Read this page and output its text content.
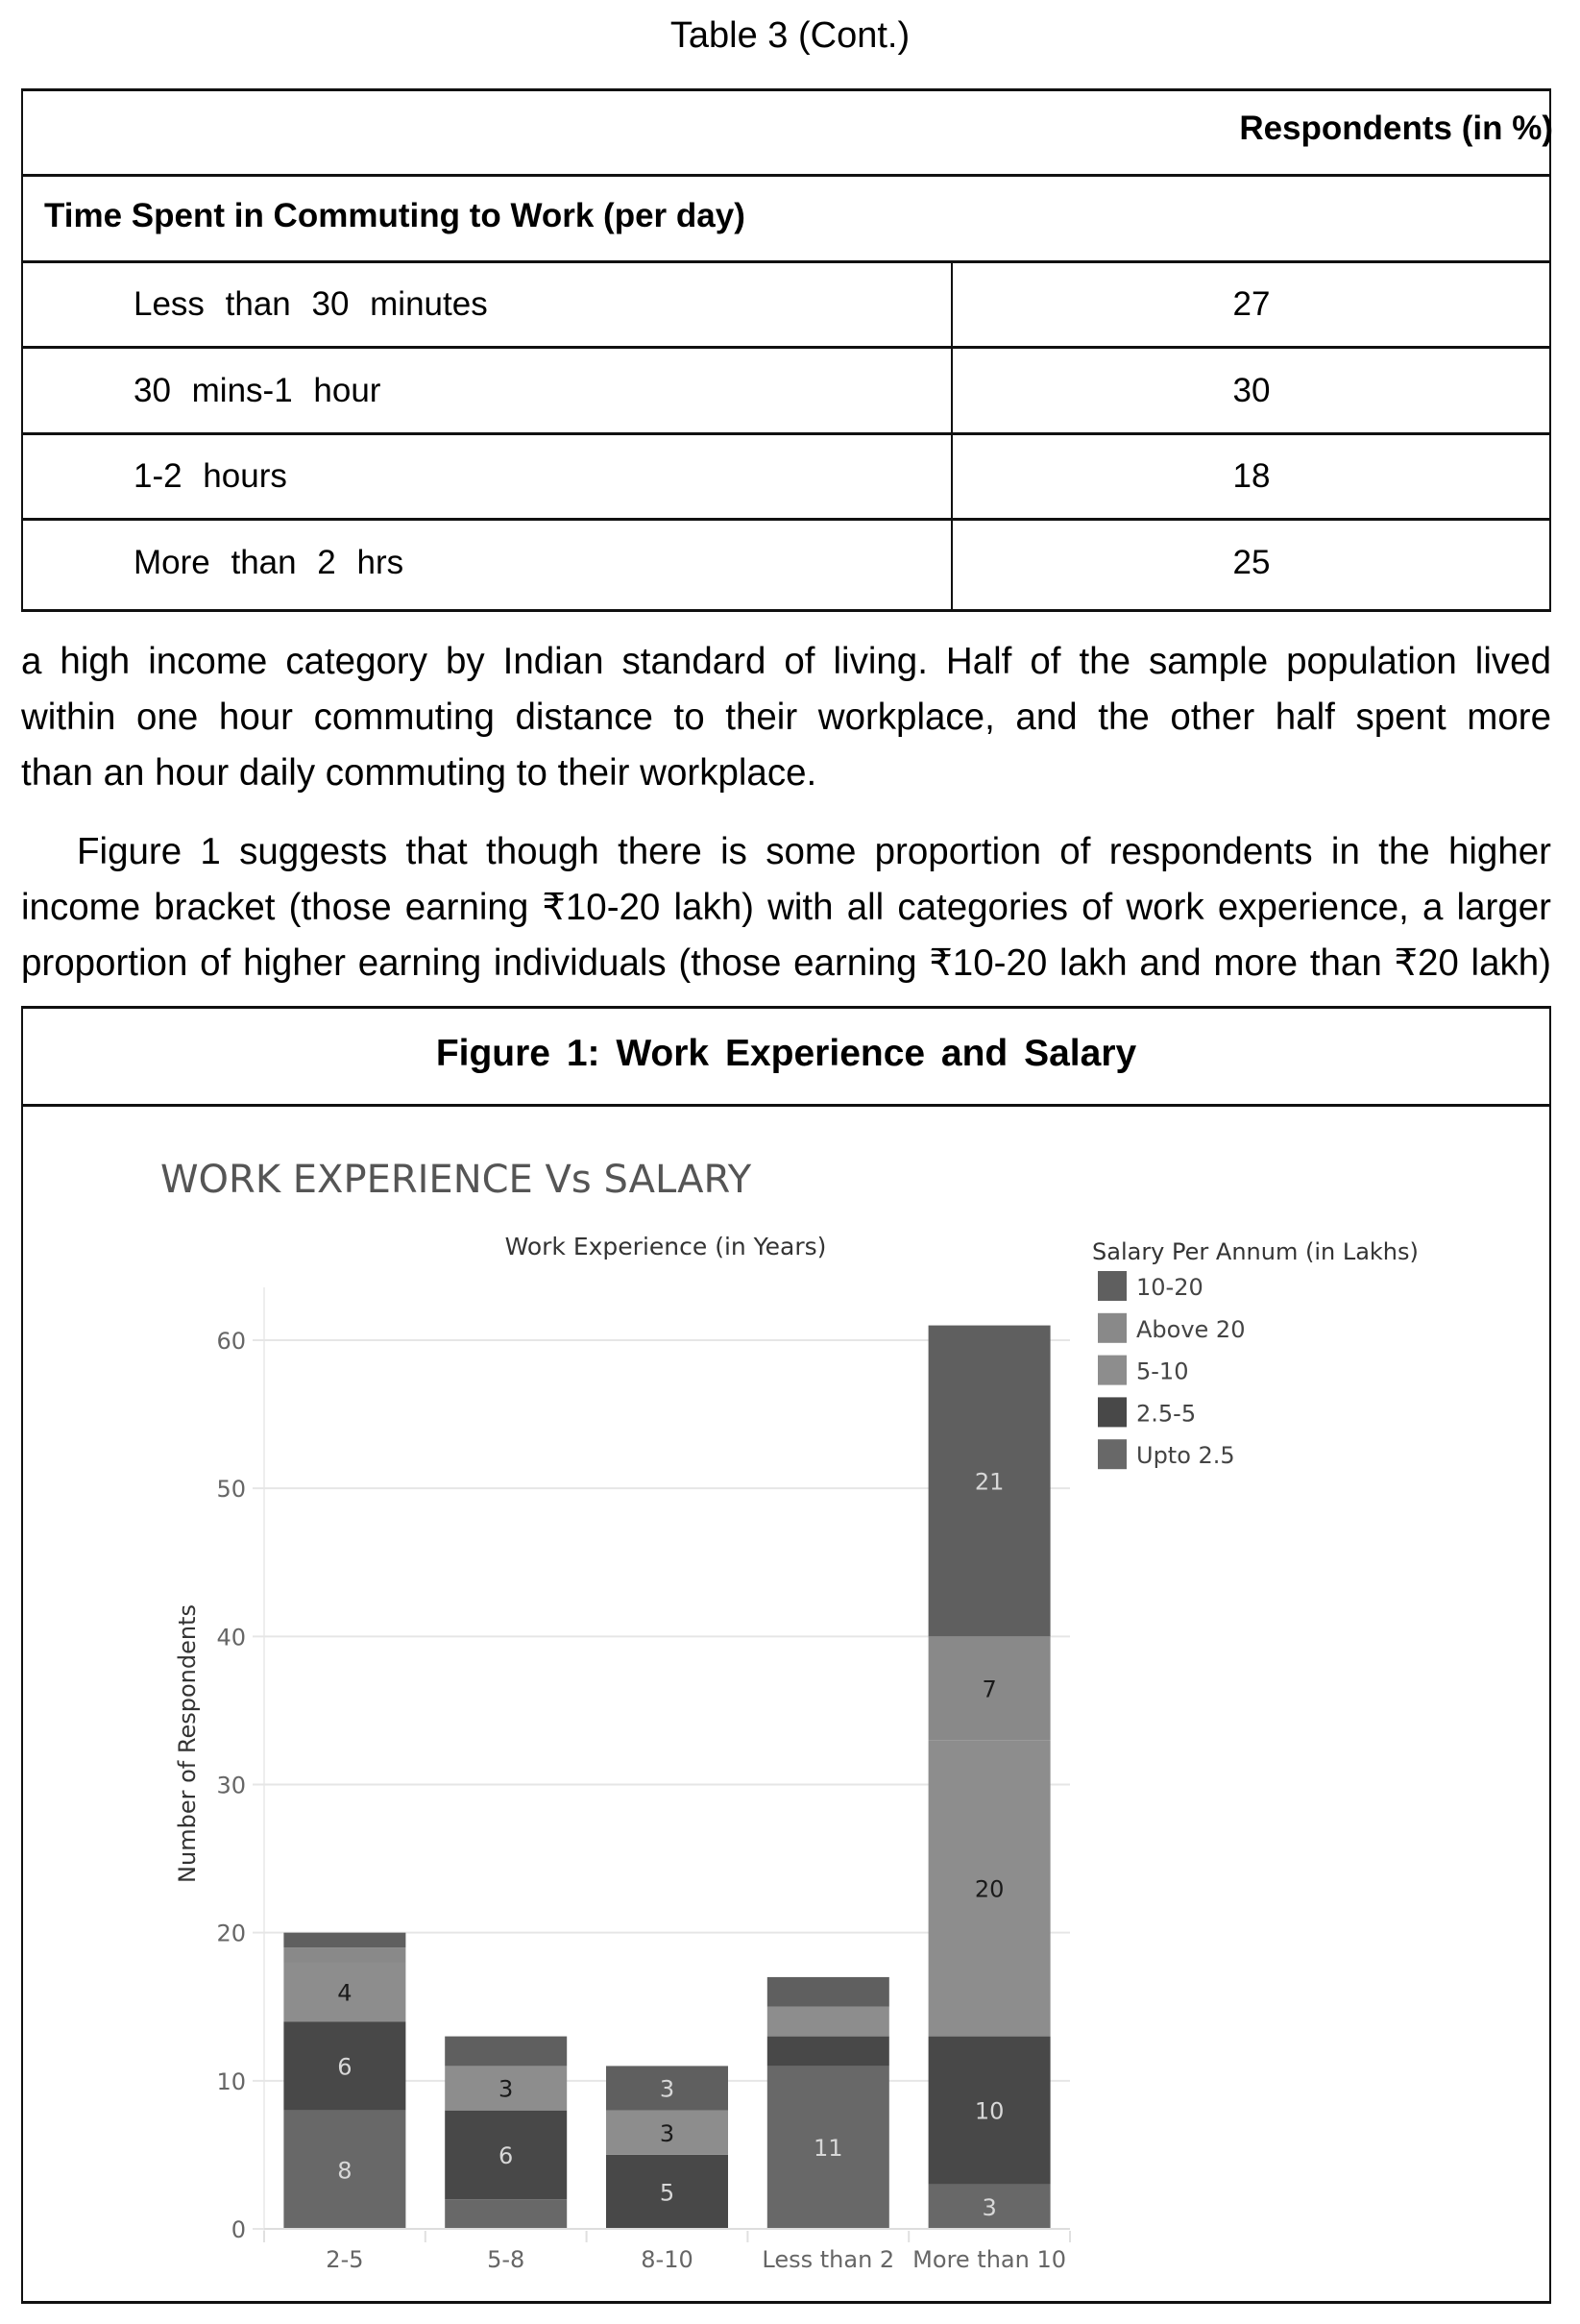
Table 3 (Cont.)
Respondents (in %)
Time Spent in Commuting to Work (per day)
Less than 30 minutes	27
30 mins-1 hour	30
1-2 hours	18
More than 2 hrs	25
a high income category by Indian standard of living. Half of the sample population lived
within one hour commuting distance to their workplace, and the other half spent more
than an hour daily commuting to their workplace.
Figure 1 suggests that though there is some proportion of respondents in the higher
income bracket (those earning ₹10-20 lakh) with all categories of work experience, a larger
proportion of higher earning individuals (those earning ₹10-20 lakh and more than ₹20 lakh)
Figure 1: Work Experience and Salary
WORK EXPERIENCE Vs SALARY
Work Experience (in Years)
Number of Respondents
0
10
20
30
40
50
60
8
6
4
6
3
5
3
3
11
3
10
20
7
21
2-5	5-8	8-10	Less than 2 More than 10
Salary Per Annum (in Lakhs)
10-20
Above 20
5-10
2.5-5
Upto 2.5
